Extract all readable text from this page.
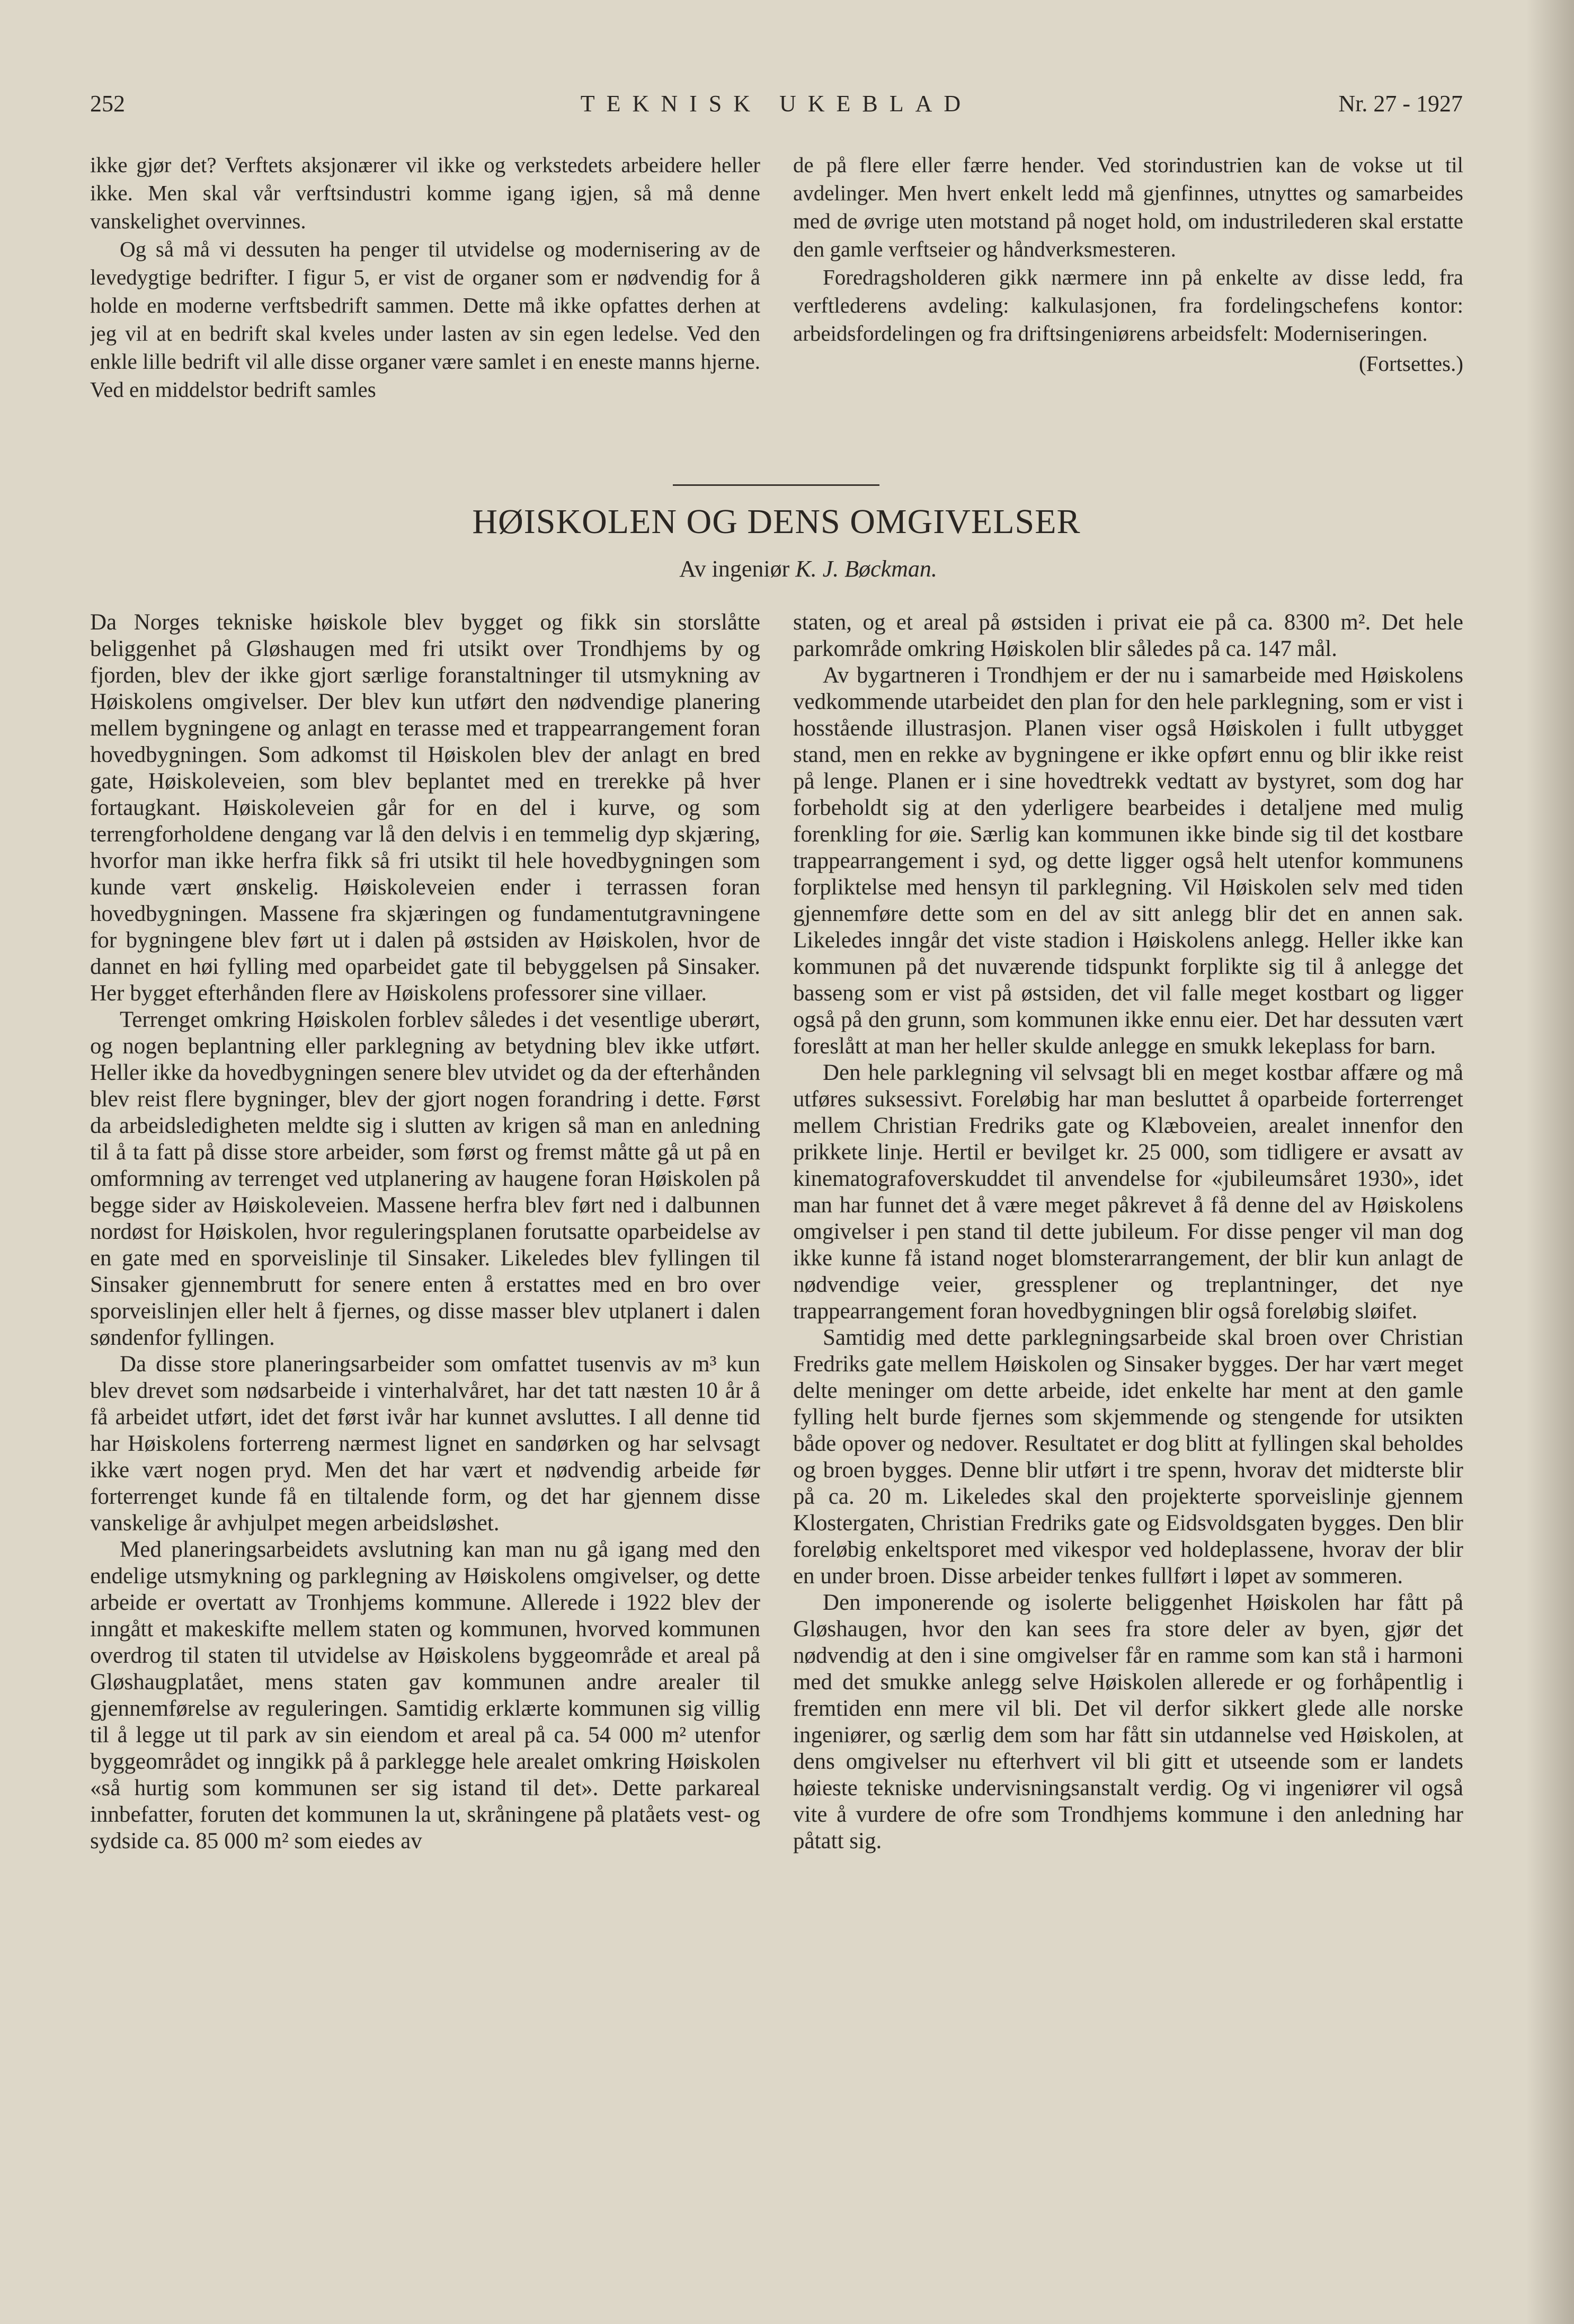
252	TEKNISK UKEBLAD	Nr. 27 - 1927

ikke gjør det? Verftets aksjonærer vil ikke og verkstedets arbeidere heller ikke. Men skal vår verftsindustri komme igang igjen, så må denne vanskelighet overvinnes.

Og så må vi dessuten ha penger til utvidelse og modernisering av de levedygtige bedrifter. I figur 5, er vist de organer som er nødvendig for å holde en moderne verftsbedrift sammen. Dette må ikke opfattes derhen at jeg vil at en bedrift skal kveles under lasten av sin egen ledelse. Ved den enkle lille bedrift vil alle disse organer være samlet i en eneste manns hjerne. Ved en middelstor bedrift samles

de på flere eller færre hender. Ved storindustrien kan de vokse ut til avdelinger. Men hvert enkelt ledd må gjenfinnes, utnyttes og samarbeides med de øvrige uten motstand på noget hold, om industrilederen skal erstatte den gamle verftseier og håndverksmesteren.

Foredragsholderen gikk nærmere inn på enkelte av disse ledd, fra verftlederens avdeling: kalkulasjonen, fra fordelingschefens kontor: arbeidsfordelingen og fra driftsingeniørens arbeidsfelt: Moderniseringen.

(Fortsettes.)
HØISKOLEN OG DENS OMGIVELSER
Av ingeniør K. J. Bøckman.

Da Norges tekniske høiskole blev bygget og fikk sin storslåtte beliggenhet på Gløshaugen med fri utsikt over Trondhjems by og fjorden, blev der ikke gjort særlige foranstaltninger til utsmykning av Høiskolens omgivelser. Der blev kun utført den nødvendige planering mellem bygningene og anlagt en terasse med et trappearrangement foran hovedbygningen. Som adkomst til Høiskolen blev der anlagt en bred gate, Høiskoleveien, som blev beplantet med en trerekke på hver fortaugkant. Høiskoleveien går for en del i kurve, og som terrengforholdene dengang var lå den delvis i en temmelig dyp skjæring, hvorfor man ikke herfra fikk så fri utsikt til hele hovedbygningen som kunde vært ønskelig. Høiskoleveien ender i terrassen foran hovedbygningen. Massene fra skjæringen og fundamentutgravningene for bygningene blev ført ut i dalen på østsiden av Høiskolen, hvor de dannet en høi fylling med oparbeidet gate til bebyggelsen på Sinsaker. Her bygget efterhånden flere av Høiskolens professorer sine villaer.

Terrenget omkring Høiskolen forblev således i det vesentlige uberørt, og nogen beplantning eller parklegning av betydning blev ikke utført. Heller ikke da hovedbygningen senere blev utvidet og da der efterhånden blev reist flere bygninger, blev der gjort nogen forandring i dette. Først da arbeidsledigheten meldte sig i slutten av krigen så man en anledning til å ta fatt på disse store arbeider, som først og fremst måtte gå ut på en omformning av terrenget ved utplanering av haugene foran Høiskolen på begge sider av Høiskoleveien. Massene herfra blev ført ned i dalbunnen nordøst for Høiskolen, hvor reguleringsplanen forutsatte oparbeidelse av en gate med en sporveislinje til Sinsaker. Likeledes blev fyllingen til Sinsaker gjennembrutt for senere enten å erstattes med en bro over sporveislinjen eller helt å fjernes, og disse masser blev utplanert i dalen søndenfor fyllingen.

Da disse store planeringsarbeider som omfattet tusenvis av m³ kun blev drevet som nødsarbeide i vinterhalvåret, har det tatt næsten 10 år å få arbeidet utført, idet det først ivår har kunnet avsluttes. I all denne tid har Høiskolens forterreng nærmest lignet en sandørken og har selvsagt ikke vært nogen pryd. Men det har vært et nødvendig arbeide før forterrenget kunde få en tiltalende form, og det har gjennem disse vanskelige år avhjulpet megen arbeidsløshet.

Med planeringsarbeidets avslutning kan man nu gå igang med den endelige utsmykning og parklegning av Høiskolens omgivelser, og dette arbeide er overtatt av Tronhjems kommune. Allerede i 1922 blev der inngått et makeskifte mellem staten og kommunen, hvorved kommunen overdrog til staten til utvidelse av Høiskolens byggeområde et areal på Gløshaugplatået, mens staten gav kommunen andre arealer til gjennemførelse av reguleringen. Samtidig erklærte kommunen sig villig til å legge ut til park av sin eiendom et areal på ca. 54 000 m² utenfor byggeområdet og inngikk på å parklegge hele arealet omkring Høiskolen «så hurtig som kommunen ser sig istand til det». Dette parkareal innbefatter, foruten det kommunen la ut, skråningene på platåets vest- og sydside ca. 85 000 m² som eiedes av

staten, og et areal på østsiden i privat eie på ca. 8300 m². Det hele parkområde omkring Høiskolen blir således på ca. 147 mål.

Av bygartneren i Trondhjem er der nu i samarbeide med Høiskolens vedkommende utarbeidet den plan for den hele parklegning, som er vist i hosstående illustrasjon. Planen viser også Høiskolen i fullt utbygget stand, men en rekke av bygningene er ikke opført ennu og blir ikke reist på lenge. Planen er i sine hovedtrekk vedtatt av bystyret, som dog har forbeholdt sig at den yderligere bearbeides i detaljene med mulig forenkling for øie. Særlig kan kommunen ikke binde sig til det kostbare trappearrangement i syd, og dette ligger også helt utenfor kommunens forpliktelse med hensyn til parklegning. Vil Høiskolen selv med tiden gjennemføre dette som en del av sitt anlegg blir det en annen sak. Likeledes inngår det viste stadion i Høiskolens anlegg. Heller ikke kan kommunen på det nuværende tidspunkt forplikte sig til å anlegge det basseng som er vist på østsiden, det vil falle meget kostbart og ligger også på den grunn, som kommunen ikke ennu eier. Det har dessuten vært foreslått at man her heller skulde anlegge en smukk lekeplass for barn.

Den hele parklegning vil selvsagt bli en meget kostbar affære og må utføres suksessivt. Foreløbig har man besluttet å oparbeide forterrenget mellem Christian Fredriks gate og Klæboveien, arealet innenfor den prikkete linje. Hertil er bevilget kr. 25 000, som tidligere er avsatt av kinematografoverskuddet til anvendelse for «jubileumsåret 1930», idet man har funnet det å være meget påkrevet å få denne del av Høiskolens omgivelser i pen stand til dette jubileum. For disse penger vil man dog ikke kunne få istand noget blomsterarrangement, der blir kun anlagt de nødvendige veier, gressplener og treplantninger, det nye trappearrangement foran hovedbygningen blir også foreløbig sløifet.

Samtidig med dette parklegningsarbeide skal broen over Christian Fredriks gate mellem Høiskolen og Sinsaker bygges. Der har vært meget delte meninger om dette arbeide, idet enkelte har ment at den gamle fylling helt burde fjernes som skjemmende og stengende for utsikten både opover og nedover. Resultatet er dog blitt at fyllingen skal beholdes og broen bygges. Denne blir utført i tre spenn, hvorav det midterste blir på ca. 20 m. Likeledes skal den projekterte sporveislinje gjennem Klostergaten, Christian Fredriks gate og Eidsvoldsgaten bygges. Den blir foreløbig enkeltsporet med vikespor ved holdeplassene, hvorav der blir en under broen. Disse arbeider tenkes fullført i løpet av sommeren.

Den imponerende og isolerte beliggenhet Høiskolen har fått på Gløshaugen, hvor den kan sees fra store deler av byen, gjør det nødvendig at den i sine omgivelser får en ramme som kan stå i harmoni med det smukke anlegg selve Høiskolen allerede er og forhåpentlig i fremtiden enn mere vil bli. Det vil derfor sikkert glede alle norske ingeniører, og særlig dem som har fått sin utdannelse ved Høiskolen, at dens omgivelser nu efterhvert vil bli gitt et utseende som er landets høieste tekniske undervisningsanstalt verdig. Og vi ingeniører vil også vite å vurdere de ofre som Trondhjems kommune i den anledning har påtatt sig.
